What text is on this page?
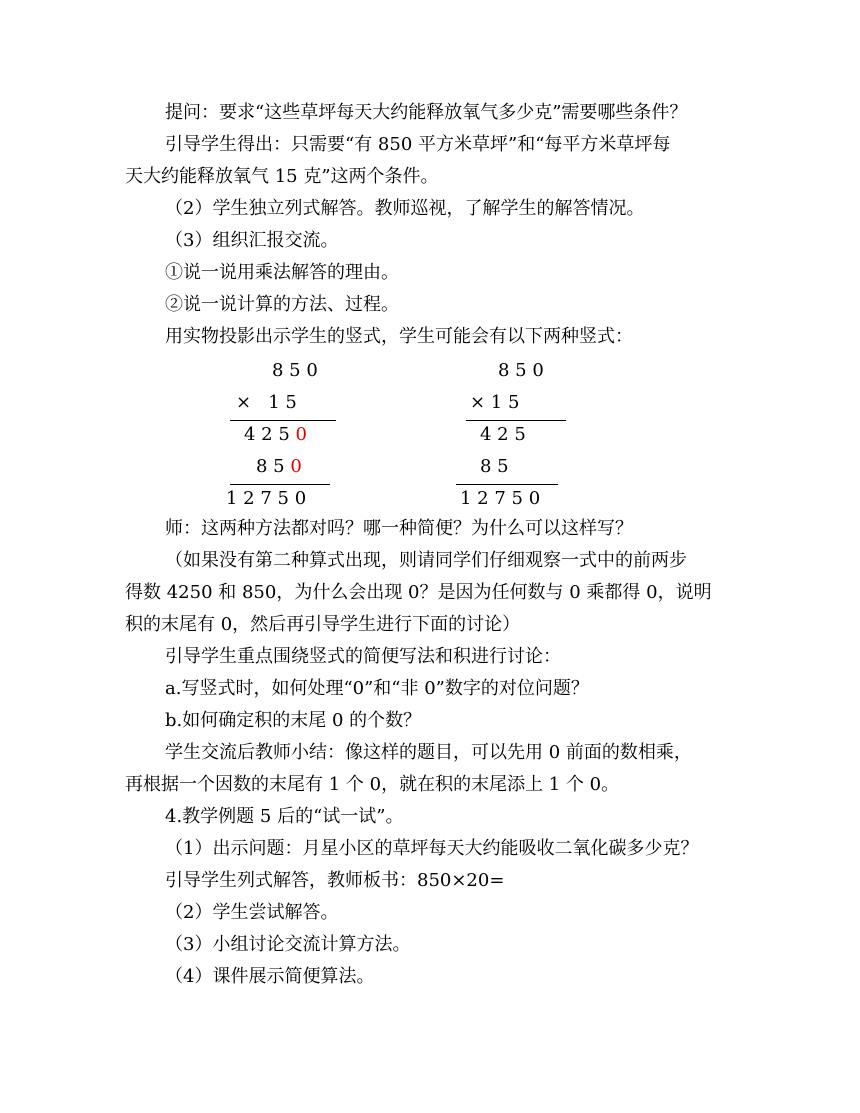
提问：要求“这些草坪每天大约能释放氧气多少克”需要哪些条件？
引导学生得出：只需要“有 850 平方米草坪”和“每平方米草坪每
天大约能释放氧气 15 克”这两个条件。
（2）学生独立列式解答。教师巡视，了解学生的解答情况。
（3）组织汇报交流。
①说一说用乘法解答的理由。
②说一说计算的方法、过程。
用实物投影出示学生的竖式，学生可能会有以下两种竖式：
8 5 0
×   1 5
4 2 5 0
8 5 0
1 2 7 5 0
8 5 0
× 1 5
4 2 5
8 5
1 2 7 5 0
师：这两种方法都对吗？哪一种简便？为什么可以这样写？
（如果没有第二种算式出现，则请同学们仔细观察一式中的前两步
得数 4250 和 850，为什么会出现 0？是因为任何数与 0 乘都得 0，说明
积的末尾有 0，然后再引导学生进行下面的讨论）
引导学生重点围绕竖式的简便写法和积进行讨论：
a.写竖式时，如何处理“0”和“非 0”数字的对位问题？
b.如何确定积的末尾 0 的个数？
学生交流后教师小结：像这样的题目，可以先用 0 前面的数相乘，
再根据一个因数的末尾有 1 个 0，就在积的末尾添上 1 个 0。
4.教学例题 5 后的“试一试”。
（1）出示问题：月星小区的草坪每天大约能吸收二氧化碳多少克？
引导学生列式解答，教师板书：850×20=
（2）学生尝试解答。
（3）小组讨论交流计算方法。
（4）课件展示简便算法。
